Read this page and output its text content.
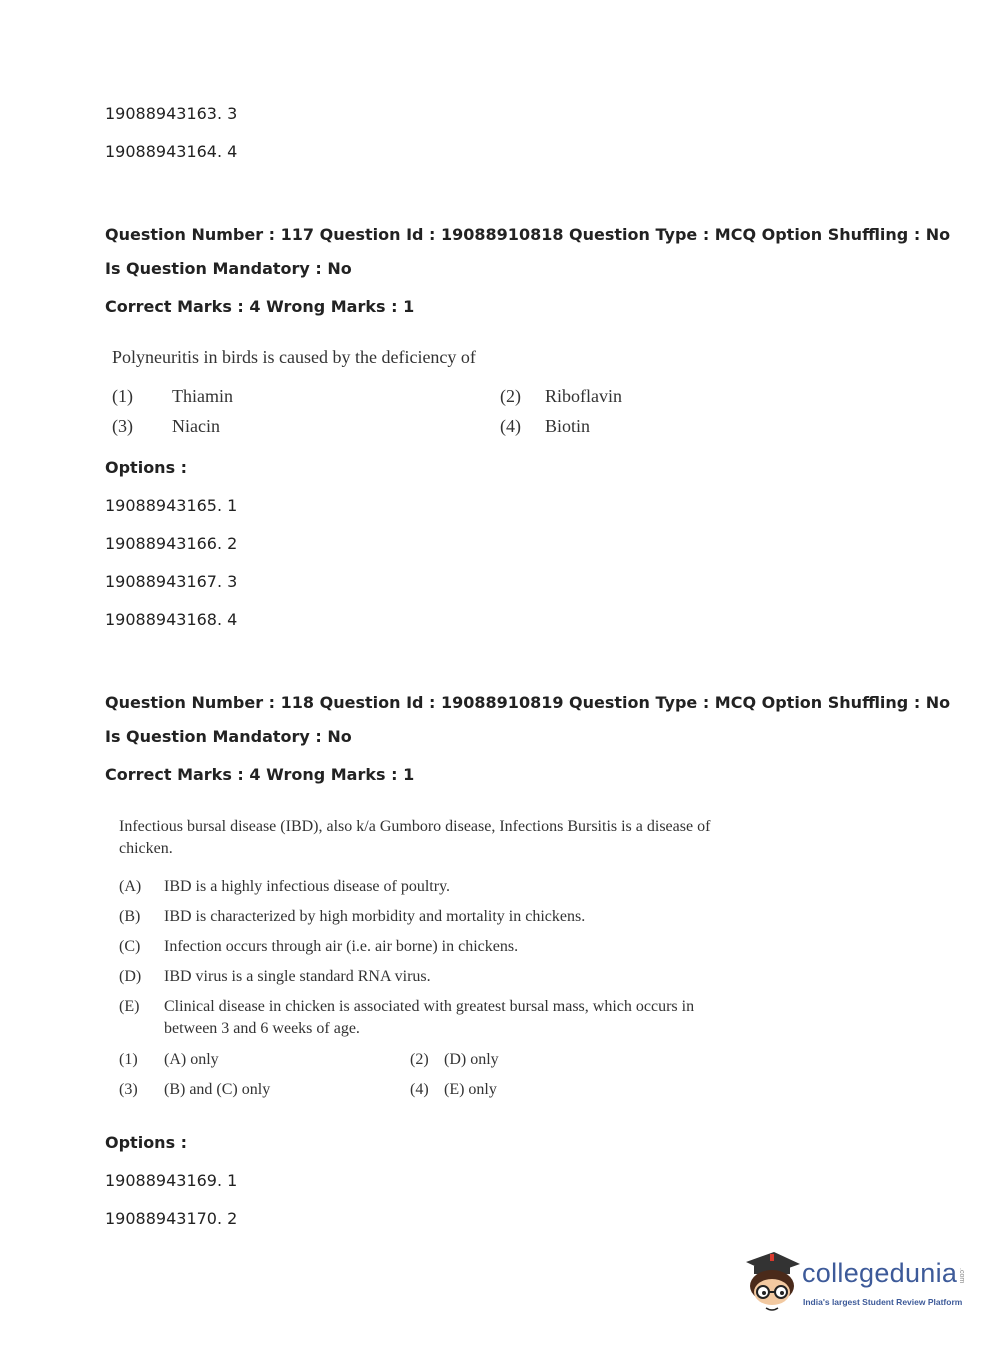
19088943163. 3
19088943164. 4
Question Number : 117 Question Id : 19088910818 Question Type : MCQ Option Shuffling : No
Is Question Mandatory : No
Correct Marks : 4 Wrong Marks : 1
Polyneuritis in birds is caused by the deficiency of
(1) Thiamin	(2) Riboflavin
(3) Niacin	(4) Biotin
Options :
19088943165. 1
19088943166. 2
19088943167. 3
19088943168. 4
Question Number : 118 Question Id : 19088910819 Question Type : MCQ Option Shuffling : No
Is Question Mandatory : No
Correct Marks : 4 Wrong Marks : 1
Infectious bursal disease (IBD), also k/a Gumboro disease, Infections Bursitis is a disease of
chicken.
(A) IBD is a highly infectious disease of poultry.
(B) IBD is characterized by high morbidity and mortality in chickens.
(C) Infection occurs through air (i.e. air borne) in chickens.
(D) IBD virus is a single standard RNA virus.
(E) Clinical disease in chicken is associated with greatest bursal mass, which occurs in
between 3 and 6 weeks of age.
(1) (A) only	(2) (D) only
(3) (B) and (C) only	(4) (E) only
Options :
19088943169. 1
19088943170. 2
collegedunia .com
India's largest Student Review Platform
